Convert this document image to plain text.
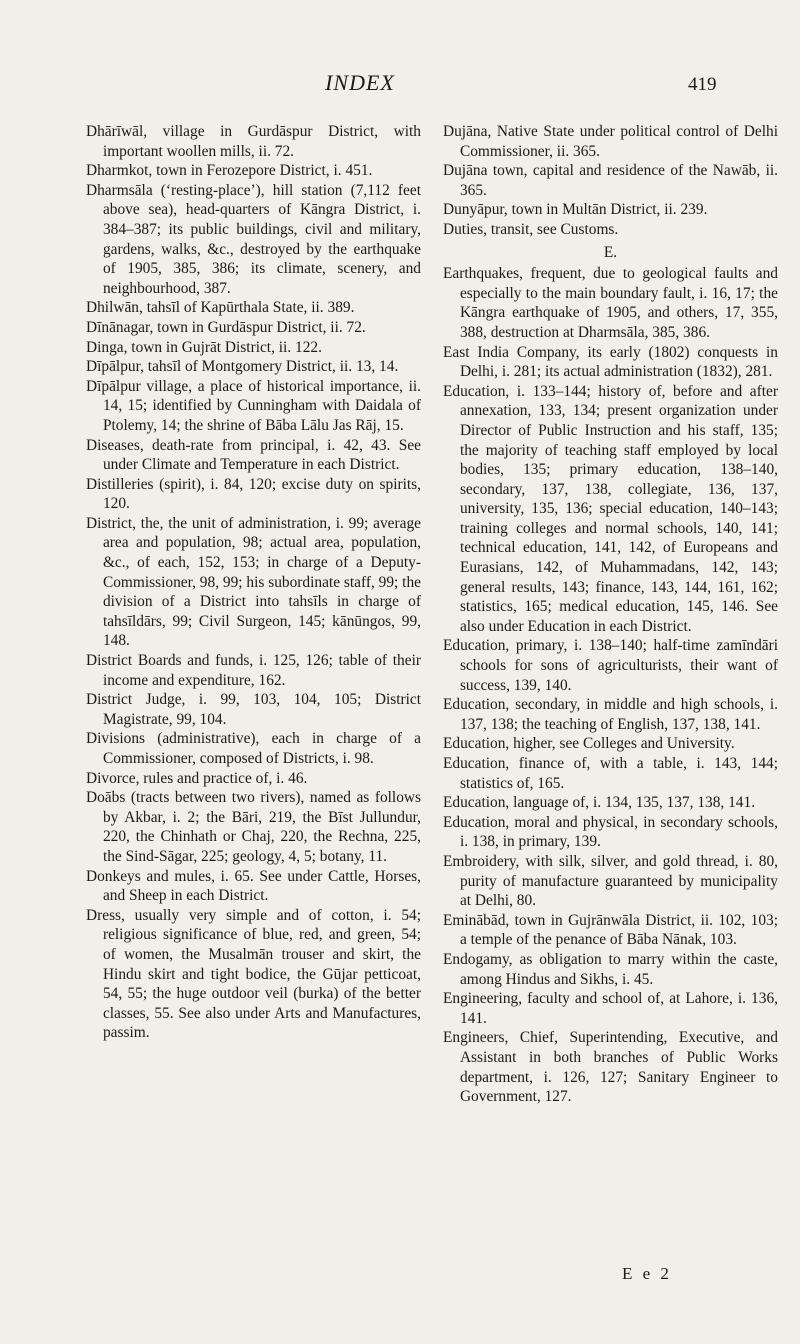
INDEX	419

Dhārīwāl, village in Gurdāspur District, with important woollen mills, ii. 72.

Dharmkot, town in Ferozepore District, i. 451.

Dharmsāla (‘resting-place’), hill station (7,112 feet above sea), head-quarters of Kāngra District, i. 384–387; its public buildings, civil and military, gardens, walks, &c., destroyed by the earthquake of 1905, 385, 386; its climate, scenery, and neighbourhood, 387.

Dhilwān, tahsīl of Kapūrthala State, ii. 389.

Dīnānagar, town in Gurdāspur District, ii. 72.

Dinga, town in Gujrāt District, ii. 122.

Dīpālpur, tahsīl of Montgomery District, ii. 13, 14.

Dīpālpur village, a place of historical importance, ii. 14, 15; identified by Cunningham with Daidala of Ptolemy, 14; the shrine of Bāba Lālu Jas Rāj, 15.

Diseases, death-rate from principal, i. 42, 43. See under Climate and Temperature in each District.

Distilleries (spirit), i. 84, 120; excise duty on spirits, 120.

District, the, the unit of administration, i. 99; average area and population, 98; actual area, population, &c., of each, 152, 153; in charge of a Deputy-Commissioner, 98, 99; his subordinate staff, 99; the division of a District into tahsīls in charge of tahsīldārs, 99; Civil Surgeon, 145; kānūngos, 99, 148.

District Boards and funds, i. 125, 126; table of their income and expenditure, 162.

District Judge, i. 99, 103, 104, 105; District Magistrate, 99, 104.

Divisions (administrative), each in charge of a Commissioner, composed of Districts, i. 98.

Divorce, rules and practice of, i. 46.

Doābs (tracts between two rivers), named as follows by Akbar, i. 2; the Bāri, 219, the Bīst Jullundur, 220, the Chinhath or Chaj, 220, the Rechna, 225, the Sind-Sāgar, 225; geology, 4, 5; botany, 11.

Donkeys and mules, i. 65. See under Cattle, Horses, and Sheep in each District.

Dress, usually very simple and of cotton, i. 54; religious significance of blue, red, and green, 54; of women, the Musalmān trouser and skirt, the Hindu skirt and tight bodice, the Gūjar petticoat, 54, 55; the huge outdoor veil (burka) of the better classes, 55. See also under Arts and Manufactures, passim.

Dujāna, Native State under political control of Delhi Commissioner, ii. 365.

Dujāna town, capital and residence of the Nawāb, ii. 365.

Dunyāpur, town in Multān District, ii. 239.

Duties, transit, see Customs.

E.

Earthquakes, frequent, due to geological faults and especially to the main boundary fault, i. 16, 17; the Kāngra earthquake of 1905, and others, 17, 355, 388, destruction at Dharmsāla, 385, 386.

East India Company, its early (1802) conquests in Delhi, i. 281; its actual administration (1832), 281.

Education, i. 133–144; history of, before and after annexation, 133, 134; present organization under Director of Public Instruction and his staff, 135; the majority of teaching staff employed by local bodies, 135; primary education, 138–140, secondary, 137, 138, collegiate, 136, 137, university, 135, 136; special education, 140–143; training colleges and normal schools, 140, 141; technical education, 141, 142, of Europeans and Eurasians, 142, of Muhammadans, 142, 143; general results, 143; finance, 143, 144, 161, 162; statistics, 165; medical education, 145, 146. See also under Education in each District.

Education, primary, i. 138–140; half-time zamīndāri schools for sons of agriculturists, their want of success, 139, 140.

Education, secondary, in middle and high schools, i. 137, 138; the teaching of English, 137, 138, 141.

Education, higher, see Colleges and University.

Education, finance of, with a table, i. 143, 144; statistics of, 165.

Education, language of, i. 134, 135, 137, 138, 141.

Education, moral and physical, in secondary schools, i. 138, in primary, 139.

Embroidery, with silk, silver, and gold thread, i. 80, purity of manufacture guaranteed by municipality at Delhi, 80.

Eminābād, town in Gujrānwāla District, ii. 102, 103; a temple of the penance of Bāba Nānak, 103.

Endogamy, as obligation to marry within the caste, among Hindus and Sikhs, i. 45.

Engineering, faculty and school of, at Lahore, i. 136, 141.

Engineers, Chief, Superintending, Executive, and Assistant in both branches of Public Works department, i. 126, 127; Sanitary Engineer to Government, 127.

E e 2
